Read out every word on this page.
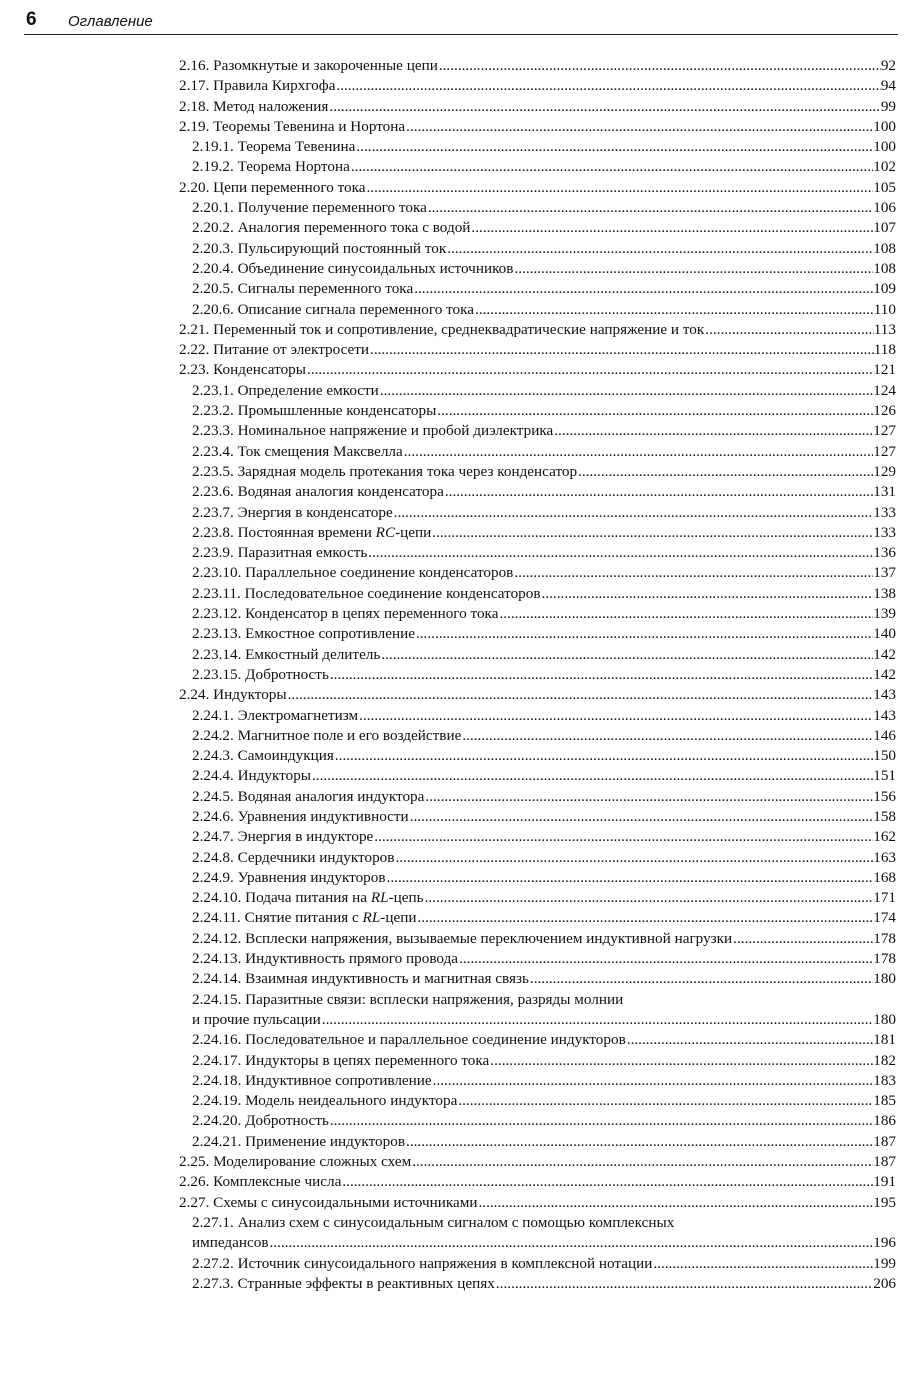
6 Оглавление
2.16. Разомкнутые и закороченные цепи .....	92
2.17. Правила Кирхгофа .....	94
2.18. Метод наложения .....	99
2.19. Теоремы Тевенина и Нортона .....	100
2.19.1. Теорема Тевенина .....	100
2.19.2. Теорема Нортона .....	102
2.20. Цепи переменного тока .....	105
2.20.1. Получение переменного тока .....	106
2.20.2. Аналогия переменного тока с водой .....	107
2.20.3. Пульсирующий постоянный ток .....	108
2.20.4. Объединение синусоидальных источников .....	108
2.20.5. Сигналы переменного тока .....	109
2.20.6. Описание сигнала переменного тока .....	110
2.21. Переменный ток и сопротивление, среднеквадратические напряжение и ток .....	113
2.22. Питание от электросети .....	118
2.23. Конденсаторы .....	121
2.23.1. Определение емкости .....	124
2.23.2. Промышленные конденсаторы .....	126
2.23.3. Номинальное напряжение и пробой диэлектрика .....	127
2.23.4. Ток смещения Максвелла .....	127
2.23.5. Зарядная модель протекания тока через конденсатор .....	129
2.23.6. Водяная аналогия конденсатора .....	131
2.23.7. Энергия в конденсаторе .....	133
2.23.8. Постоянная времени RC-цепи .....	133
2.23.9. Паразитная емкость .....	136
2.23.10. Параллельное соединение конденсаторов .....	137
2.23.11. Последовательное соединение конденсаторов .....	138
2.23.12. Конденсатор в цепях переменного тока .....	139
2.23.13. Емкостное сопротивление .....	140
2.23.14. Емкостный делитель .....	142
2.23.15. Добротность .....	142
2.24. Индукторы .....	143
2.24.1. Электромагнетизм .....	143
2.24.2. Магнитное поле и его воздействие .....	146
2.24.3. Самоиндукция .....	150
2.24.4. Индукторы .....	151
2.24.5. Водяная аналогия индуктора .....	156
2.24.6. Уравнения индуктивности .....	158
2.24.7. Энергия в индукторе .....	162
2.24.8. Сердечники индукторов .....	163
2.24.9. Уравнения индукторов .....	168
2.24.10. Подача питания на RL-цепь .....	171
2.24.11. Снятие питания с RL-цепи .....	174
2.24.12. Всплески напряжения, вызываемые переключением индуктивной нагрузки .....	178
2.24.13. Индуктивность прямого провода .....	178
2.24.14. Взаимная индуктивность и магнитная связь .....	180
2.24.15. Паразитные связи: всплески напряжения, разряды молнии
и прочие пульсации .....	180
2.24.16. Последовательное и параллельное соединение индукторов .....	181
2.24.17. Индукторы в цепях переменного тока .....	182
2.24.18. Индуктивное сопротивление .....	183
2.24.19. Модель неидеального индуктора .....	185
2.24.20. Добротность .....	186
2.24.21. Применение индукторов .....	187
2.25. Моделирование сложных схем .....	187
2.26. Комплексные числа .....	191
2.27. Схемы с синусоидальными источниками .....	195
2.27.1. Анализ схем с синусоидальным сигналом с помощью комплексных
импедансов .....	196
2.27.2. Источник синусоидального напряжения в комплексной нотации .....	199
2.27.3. Странные эффекты в реактивных цепях .....	206
